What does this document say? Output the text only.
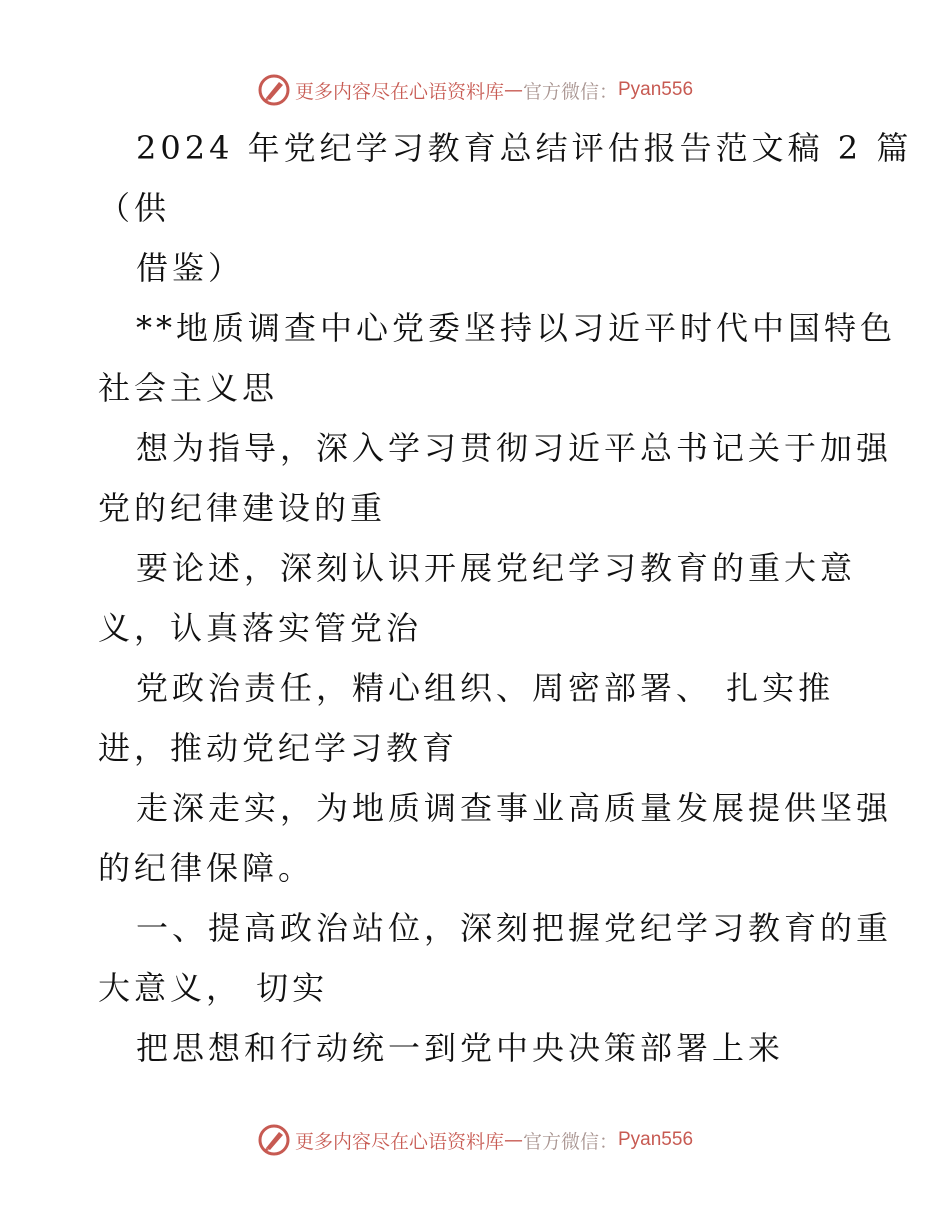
更多内容尽在心语资料库 — 官方微信： Pyan556
2024 年党纪学习教育总结评估报告范文稿 2 篇
（供
借鉴）
**地质调查中心党委坚持以习近平时代中国特色
社会主义思
想为指导，深入学习贯彻习近平总书记关于加强
党的纪律建设的重
要论述，深刻认识开展党纪学习教育的重大意
义，认真落实管党治
党政治责任，精心组织、周密部署、 扎实推
进，推动党纪学习教育
走深走实，为地质调查事业高质量发展提供坚强
的纪律保障。
一、提高政治站位，深刻把握党纪学习教育的重
大意义， 切实
把思想和行动统一到党中央决策部署上来
更多内容尽在心语资料库 — 官方微信： Pyan556
